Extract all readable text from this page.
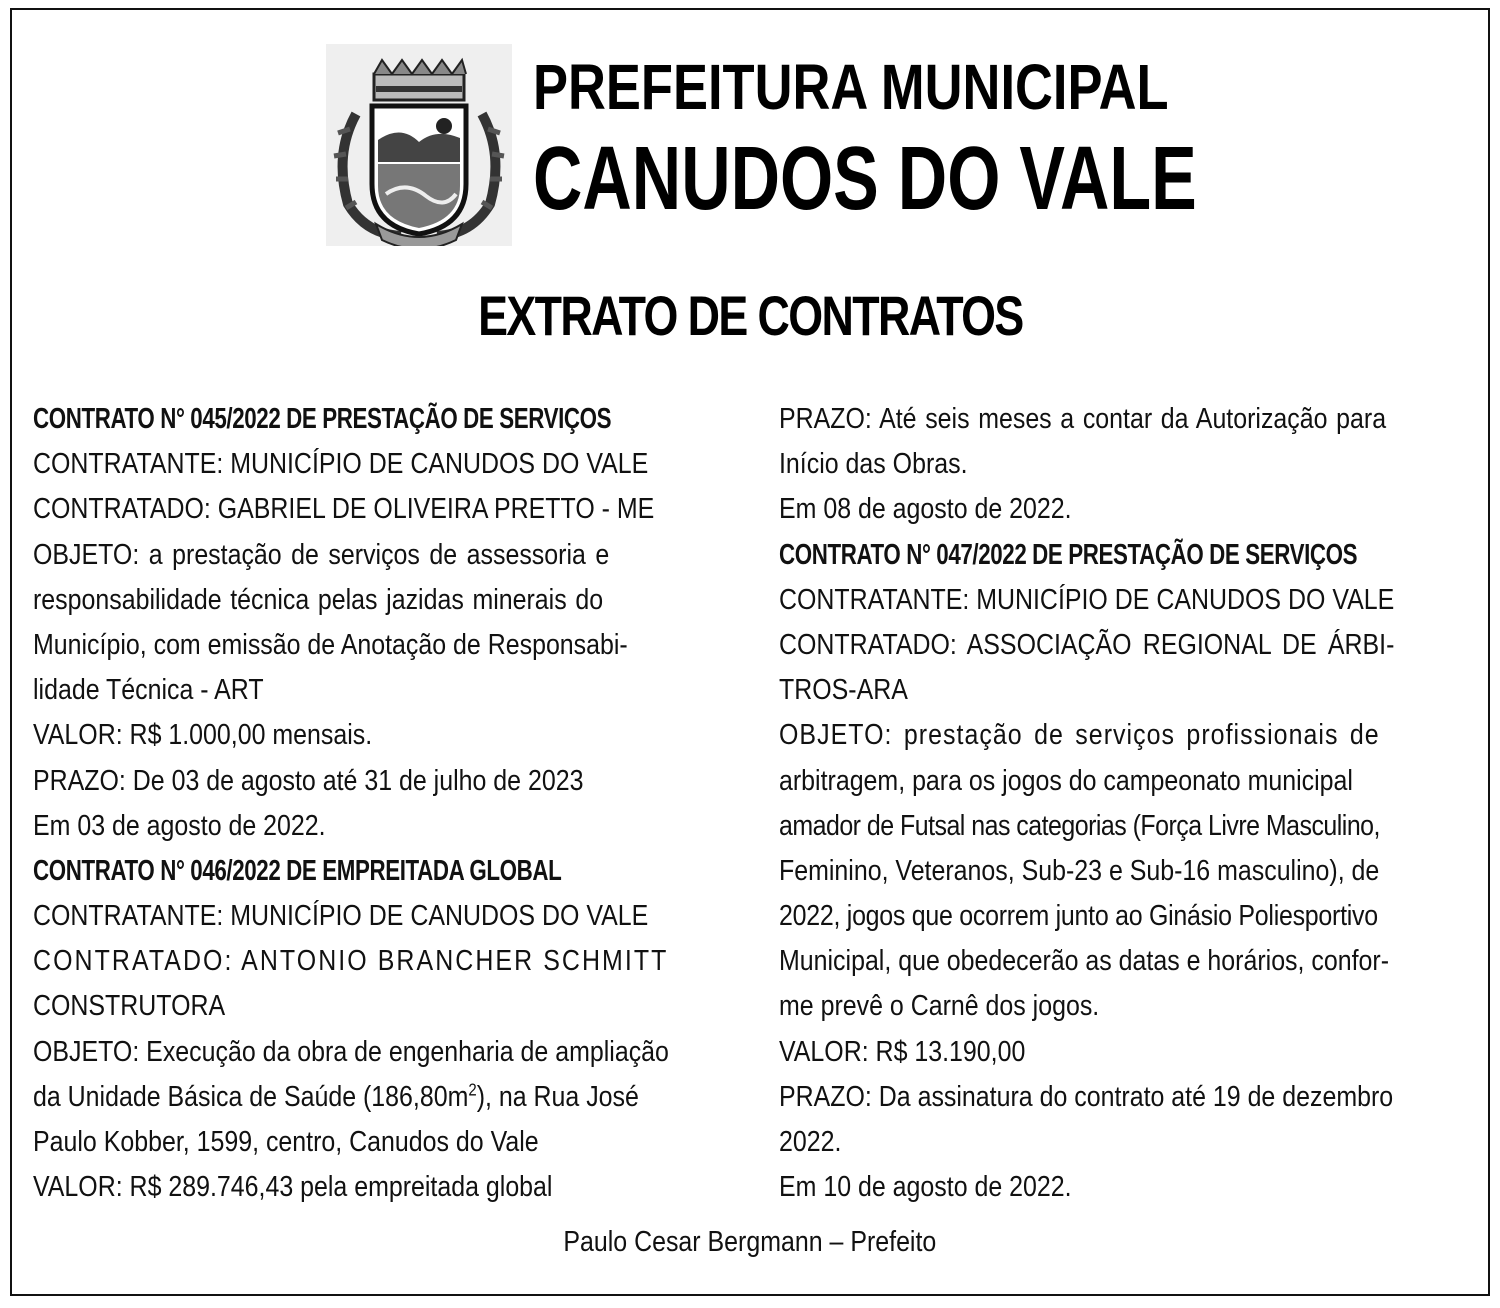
PREFEITURA MUNICIPAL
CANUDOS DO VALE
EXTRATO DE CONTRATOS
CONTRATO N° 045/2022 DE PRESTAÇÃO DE SERVIÇOS
CONTRATANTE: MUNICÍPIO DE CANUDOS DO VALE
CONTRATADO: GABRIEL DE OLIVEIRA PRETTO - ME
OBJETO: a prestação de serviços de assessoria e
responsabilidade técnica pelas jazidas minerais do
Município, com emissão de Anotação de Responsabi-
lidade Técnica - ART
VALOR: R$ 1.000,00 mensais.
PRAZO: De 03 de agosto até 31 de julho de 2023
Em 03 de agosto de 2022.
CONTRATO N° 046/2022 DE EMPREITADA GLOBAL
CONTRATANTE: MUNICÍPIO DE CANUDOS DO VALE
CONTRATADO: ANTONIO BRANCHER SCHMITT
CONSTRUTORA
OBJETO: Execução da obra de engenharia de ampliação
da Unidade Básica de Saúde $(186,80m^2)$, na Rua José
Paulo Kobber, 1599, centro, Canudos do Vale
VALOR: R$ 289.746,43 pela empreitada global
PRAZO: Até seis meses a contar da Autorização para
Início das Obras.
Em 08 de agosto de 2022.
CONTRATO N° 047/2022 DE PRESTAÇÃO DE SERVIÇOS
CONTRATANTE: MUNICÍPIO DE CANUDOS DO VALE
CONTRATADO: ASSOCIAÇÃO REGIONAL DE ÁRBI-
TROS-ARA
OBJETO: prestação de serviços profissionais de
arbitragem, para os jogos do campeonato municipal
amador de Futsal nas categorias (Força Livre Masculino,
Feminino, Veteranos, Sub-23 e Sub-16 masculino), de
2022, jogos que ocorrem junto ao Ginásio Poliesportivo
Municipal, que obedecerão as datas e horários, confor-
me prevê o Carnê dos jogos.
VALOR: R$ 13.190,00
PRAZO: Da assinatura do contrato até 19 de dezembro
2022.
Em 10 de agosto de 2022.
Paulo Cesar Bergmann – Prefeito
